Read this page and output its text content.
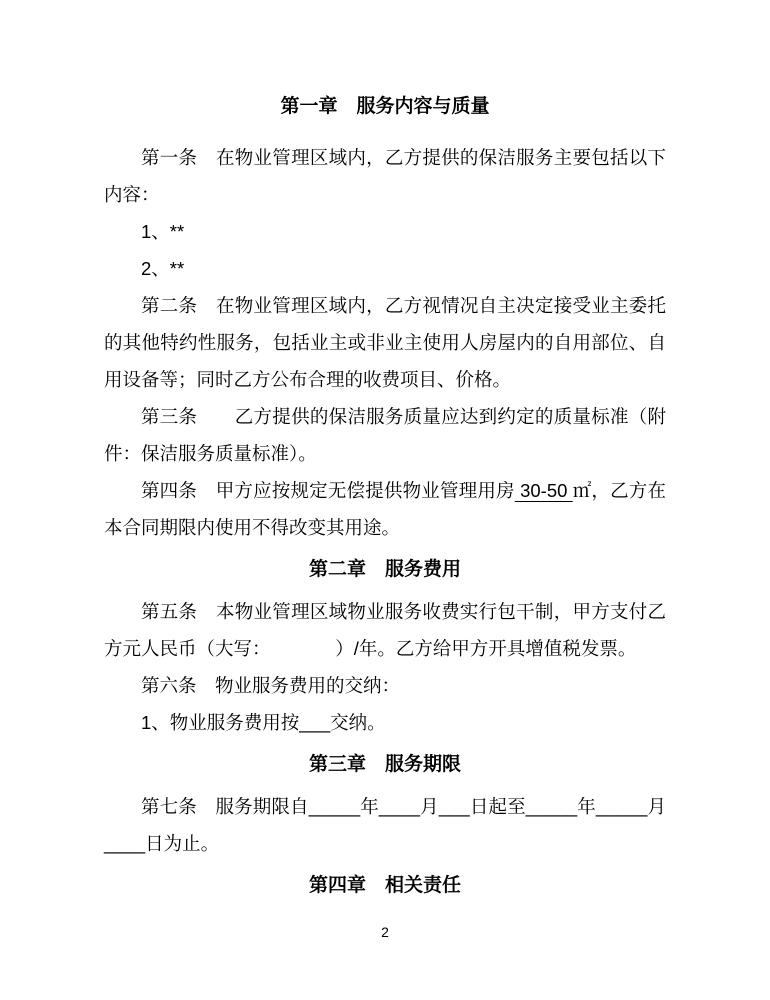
第一章　服务内容与质量

第一条　在物业管理区域内，乙方提供的保洁服务主要包括以下内容：

1、**

2、**

第二条　在物业管理区域内，乙方视情况自主决定接受业主委托的其他特约性服务，包括业主或非业主使用人房屋内的自用部位、自用设备等；同时乙方公布合理的收费项目、价格。

第三条　　乙方提供的保洁服务质量应达到约定的质量标准（附件：保洁服务质量标准）。

第四条　甲方应按规定无偿提供物业管理用房 30-50 ㎡，乙方在本合同期限内使用不得改变其用途。

第二章　服务费用

第五条　本物业管理区域物业服务收费实行包干制，甲方支付乙方元人民币（大写：　　　　）/年。乙方给甲方开具增值税发票。

第六条　物业服务费用的交纳：

1、物业服务费用按___交纳。

第三章　服务期限

第七条　服务期限自_____年____月___日起至_____年_____月____日为止。

第四章　相关责任
2
